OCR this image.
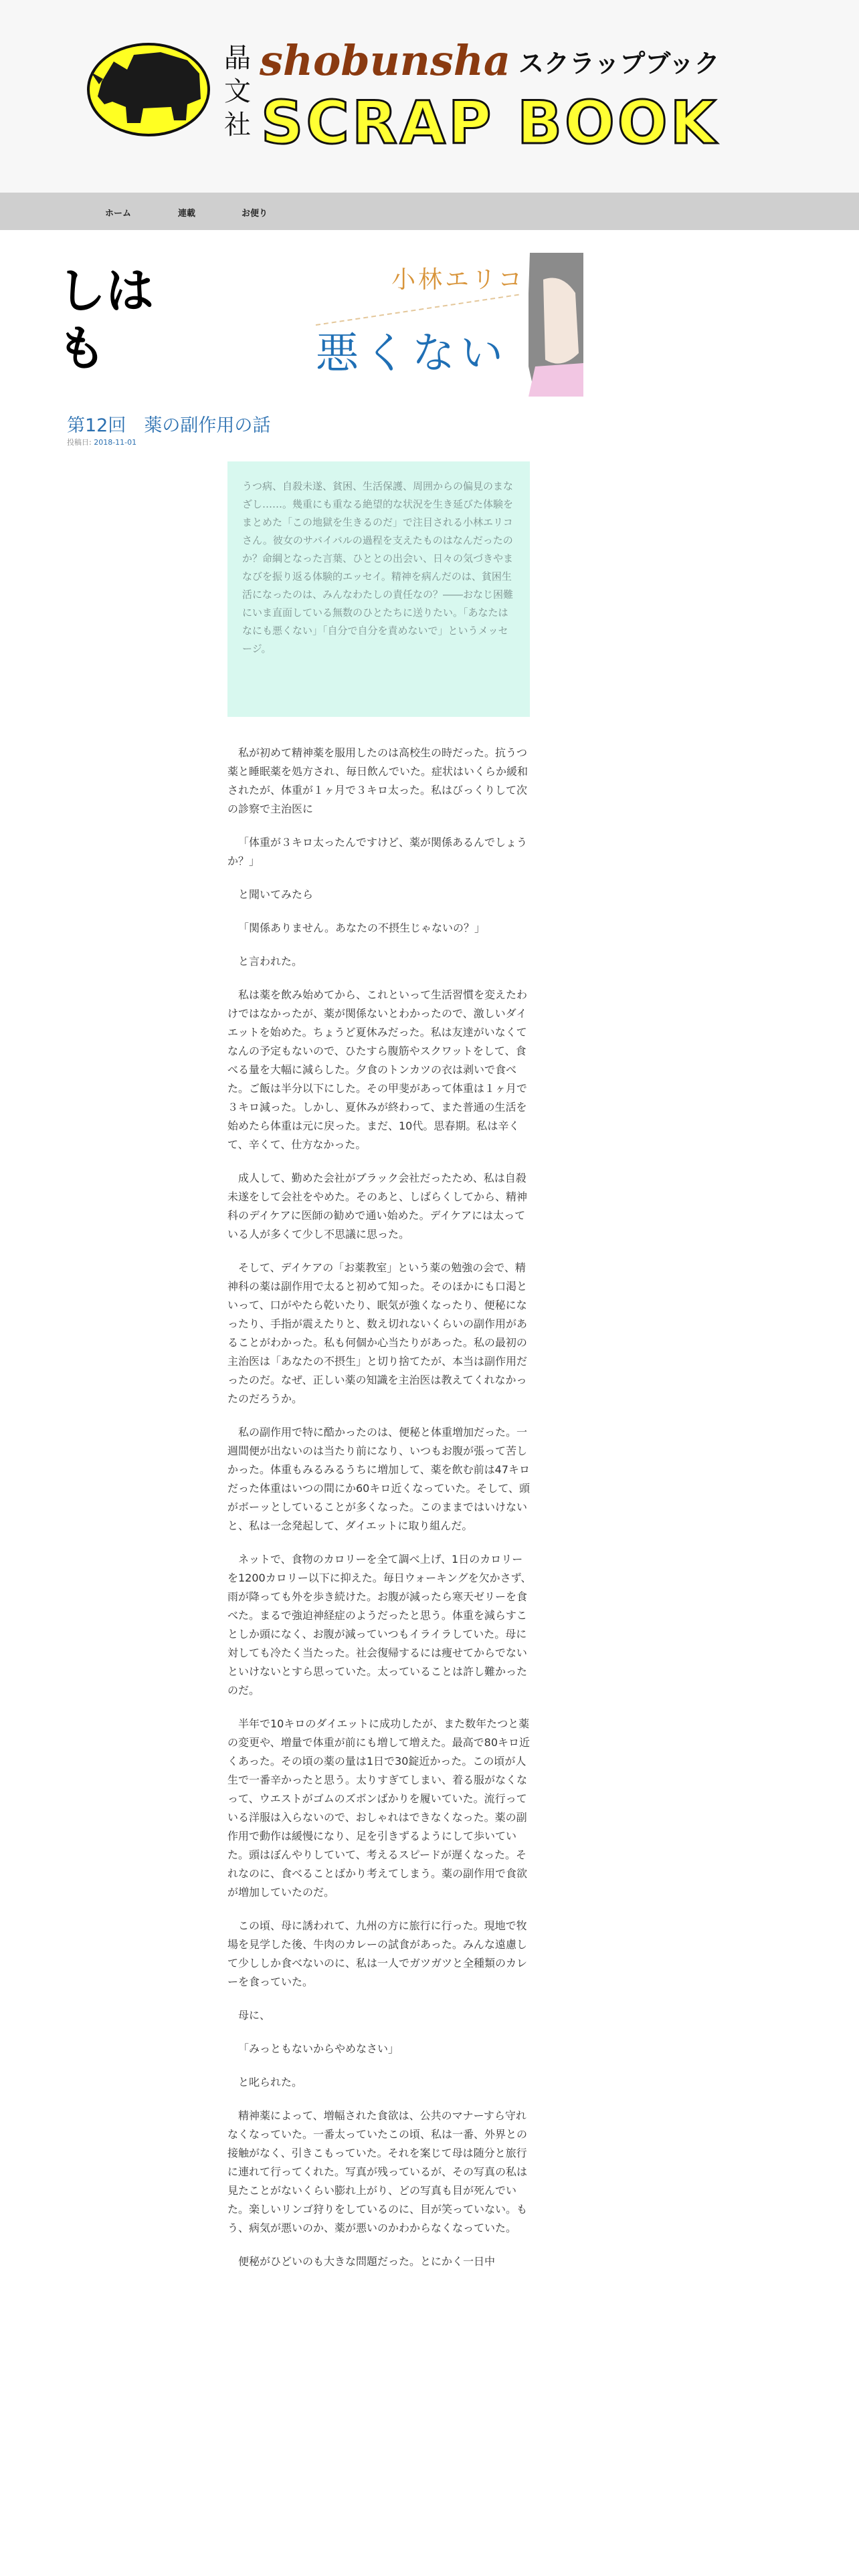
晶
文
社
shobunsha スクラップブック
SCRAP BOOK
ホーム	連載	お便り
しは
も
小林エリコ
悪くない
第12回　薬の副作用の話
投稿日: 2018-11-01
うつ病、自殺未遂、貧困、生活保護、周囲からの偏見のまなざし……。幾重にも重なる絶望的な状況を生き延びた体験をまとめた「この地獄を生きるのだ」で注目される小林エリコさん。彼女のサバイバルの過程を支えたものはなんだったのか？命綱となった言葉、ひととの出会い、日々の気づきやまなびを振り返る体験的エッセイ。精神を病んだのは、貧困生活になったのは、みんなわたしの責任なの？――おなじ困難にいま直面している無数のひとたちに送りたい。「あなたはなにも悪くない」「自分で自分を責めないで」というメッセージ。

私が初めて精神薬を服用したのは高校生の時だった。抗うつ薬と睡眠薬を処方され、毎日飲んでいた。症状はいくらか緩和されたが、体重が１ヶ月で３キロ太った。私はびっくりして次の診察で主治医に

「体重が３キロ太ったんですけど、薬が関係あるんでしょうか？」

と聞いてみたら

「関係ありません。あなたの不摂生じゃないの？」

と言われた。

私は薬を飲み始めてから、これといって生活習慣を変えたわけではなかったが、薬が関係ないとわかったので、激しいダイエットを始めた。ちょうど夏休みだった。私は友達がいなくてなんの予定もないので、ひたすら腹筋やスクワットをして、食べる量を大幅に減らした。夕食のトンカツの衣は剥いで食べた。ご飯は半分以下にした。その甲斐があって体重は１ヶ月で３キロ減った。しかし、夏休みが終わって、また普通の生活を始めたら体重は元に戻った。まだ、10代。思春期。私は辛くて、辛くて、仕方なかった。

成人して、勤めた会社がブラック会社だったため、私は自殺未遂をして会社をやめた。そのあと、しばらくしてから、精神科のデイケアに医師の勧めで通い始めた。デイケアには太っている人が多くて少し不思議に思った。

そして、デイケアの「お薬教室」という薬の勉強の会で、精神科の薬は副作用で太ると初めて知った。そのほかにも口渇といって、口がやたら乾いたり、眠気が強くなったり、便秘になったり、手指が震えたりと、数え切れないくらいの副作用があることがわかった。私も何個か心当たりがあった。私の最初の主治医は「あなたの不摂生」と切り捨てたが、本当は副作用だったのだ。なぜ、正しい薬の知識を主治医は教えてくれなかったのだろうか。

私の副作用で特に酷かったのは、便秘と体重増加だった。一週間便が出ないのは当たり前になり、いつもお腹が張って苦しかった。体重もみるみるうちに増加して、薬を飲む前は47キロだった体重はいつの間にか60キロ近くなっていた。そして、頭がボーッとしていることが多くなった。このままではいけないと、私は一念発起して、ダイエットに取り組んだ。

ネットで、食物のカロリーを全て調べ上げ、1日のカロリーを1200カロリー以下に抑えた。毎日ウォーキングを欠かさず、雨が降っても外を歩き続けた。お腹が減ったら寒天ゼリーを食べた。まるで強迫神経症のようだったと思う。体重を減らすことしか頭になく、お腹が減っていつもイライラしていた。母に対しても冷たく当たった。社会復帰するには痩せてからでないといけないとすら思っていた。太っていることは許し難かったのだ。

半年で10キロのダイエットに成功したが、また数年たつと薬の変更や、増量で体重が前にも増して増えた。最高で80キロ近くあった。その頃の薬の量は1日で30錠近かった。この頃が人生で一番辛かったと思う。太りすぎてしまい、着る服がなくなって、ウエストがゴムのズボンばかりを履いていた。流行っている洋服は入らないので、おしゃれはできなくなった。薬の副作用で動作は緩慢になり、足を引きずるようにして歩いていた。頭はぼんやりしていて、考えるスピードが遅くなった。それなのに、食べることばかり考えてしまう。薬の副作用で食欲が増加していたのだ。

この頃、母に誘われて、九州の方に旅行に行った。現地で牧場を見学した後、牛肉のカレーの試食があった。みんな遠慮して少ししか食べないのに、私は一人でガツガツと全種類のカレーを食っていた。

母に、

「みっともないからやめなさい」

と叱られた。

精神薬によって、増幅された食欲は、公共のマナーすら守れなくなっていた。一番太っていたこの頃、私は一番、外界との接触がなく、引きこもっていた。それを案じて母は随分と旅行に連れて行ってくれた。写真が残っているが、その写真の私は見たことがないくらい膨れ上がり、どの写真も目が死んでいた。楽しいリンゴ狩りをしているのに、目が笑っていない。もう、病気が悪いのか、薬が悪いのかわからなくなっていた。

便秘がひどいのも大きな問題だった。とにかく一日中
